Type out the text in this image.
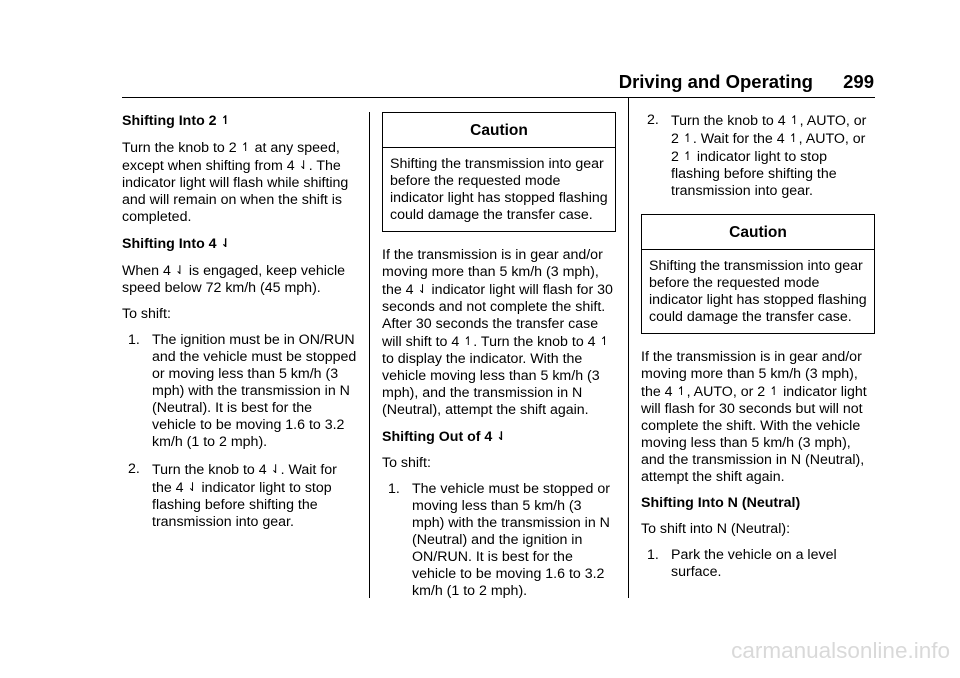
Driving and Operating 299

Shifting Into 2 ↿

Turn the knob to 2 ↿ at any speed, except when shifting from 4 ⇃. The indicator light will flash while shifting and will remain on when the shift is completed.

Shifting Into 4 ⇃

When 4 ⇃ is engaged, keep vehicle speed below 72 km/h (45 mph).

To shift:

1. The ignition must be in ON/RUN and the vehicle must be stopped or moving less than 5 km/h (3 mph) with the transmission in N (Neutral). It is best for the vehicle to be moving 1.6 to 3.2 km/h (1 to 2 mph).
2. Turn the knob to 4 ⇃. Wait for the 4 ⇃ indicator light to stop flashing before shifting the transmission into gear.
Caution
Shifting the transmission into gear before the requested mode indicator light has stopped flashing could damage the transfer case.

If the transmission is in gear and/or moving more than 5 km/h (3 mph), the 4 ⇃ indicator light will flash for 30 seconds and not complete the shift. After 30 seconds the transfer case will shift to 4 ↿. Turn the knob to 4 ↿ to display the indicator. With the vehicle moving less than 5 km/h (3 mph), and the transmission in N (Neutral), attempt the shift again.

Shifting Out of 4 ⇃

To shift:

1. The vehicle must be stopped or moving less than 5 km/h (3 mph) with the transmission in N (Neutral) and the ignition in ON/RUN. It is best for the vehicle to be moving 1.6 to 3.2 km/h (1 to 2 mph).
2. Turn the knob to 4 ↿, AUTO, or 2 ↿. Wait for the 4 ↿, AUTO, or 2 ↿ indicator light to stop flashing before shifting the transmission into gear.
Caution
Shifting the transmission into gear before the requested mode indicator light has stopped flashing could damage the transfer case.

If the transmission is in gear and/or moving more than 5 km/h (3 mph), the 4 ↿, AUTO, or 2 ↿ indicator light will flash for 30 seconds but will not complete the shift. With the vehicle moving less than 5 km/h (3 mph), and the transmission in N (Neutral), attempt the shift again.

Shifting Into N (Neutral)

To shift into N (Neutral):

1. Park the vehicle on a level surface.
carmanualsonline.info
